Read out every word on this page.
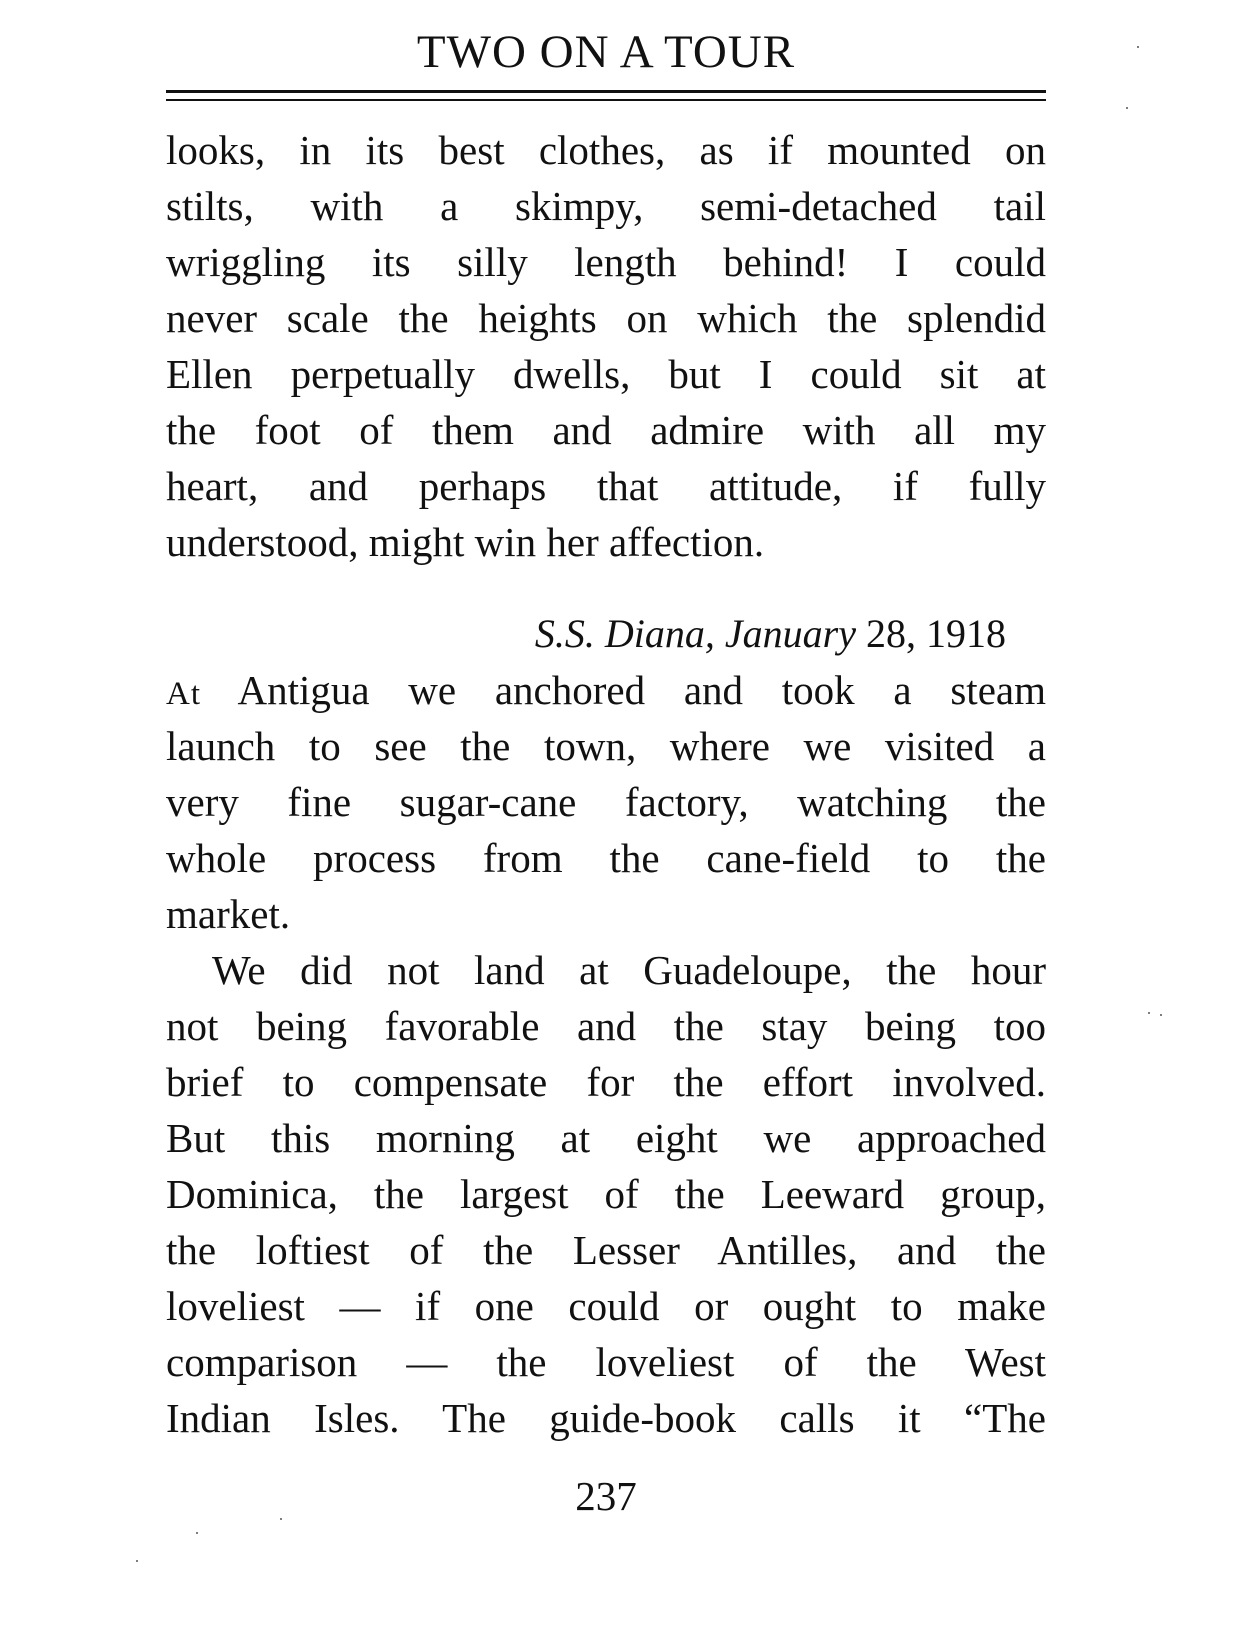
TWO ON A TOUR

looks, in its best clothes, as if mounted on
stilts, with a skimpy, semi-detached tail
wriggling its silly length behind! I could
never scale the heights on which the splendid
Ellen perpetually dwells, but I could sit at
the foot of them and admire with all my
heart, and perhaps that attitude, if fully
understood, might win her affection.

S.S. Diana, January 28, 1918

At Antigua we anchored and took a steam
launch to see the town, where we visited a
very fine sugar-cane factory, watching the
whole process from the cane-field to the
market.

We did not land at Guadeloupe, the hour
not being favorable and the stay being too
brief to compensate for the effort involved.
But this morning at eight we approached
Dominica, the largest of the Leeward group,
the loftiest of the Lesser Antilles, and the
loveliest — if one could or ought to make
comparison — the loveliest of the West
Indian Isles. The guide-book calls it “The

237
